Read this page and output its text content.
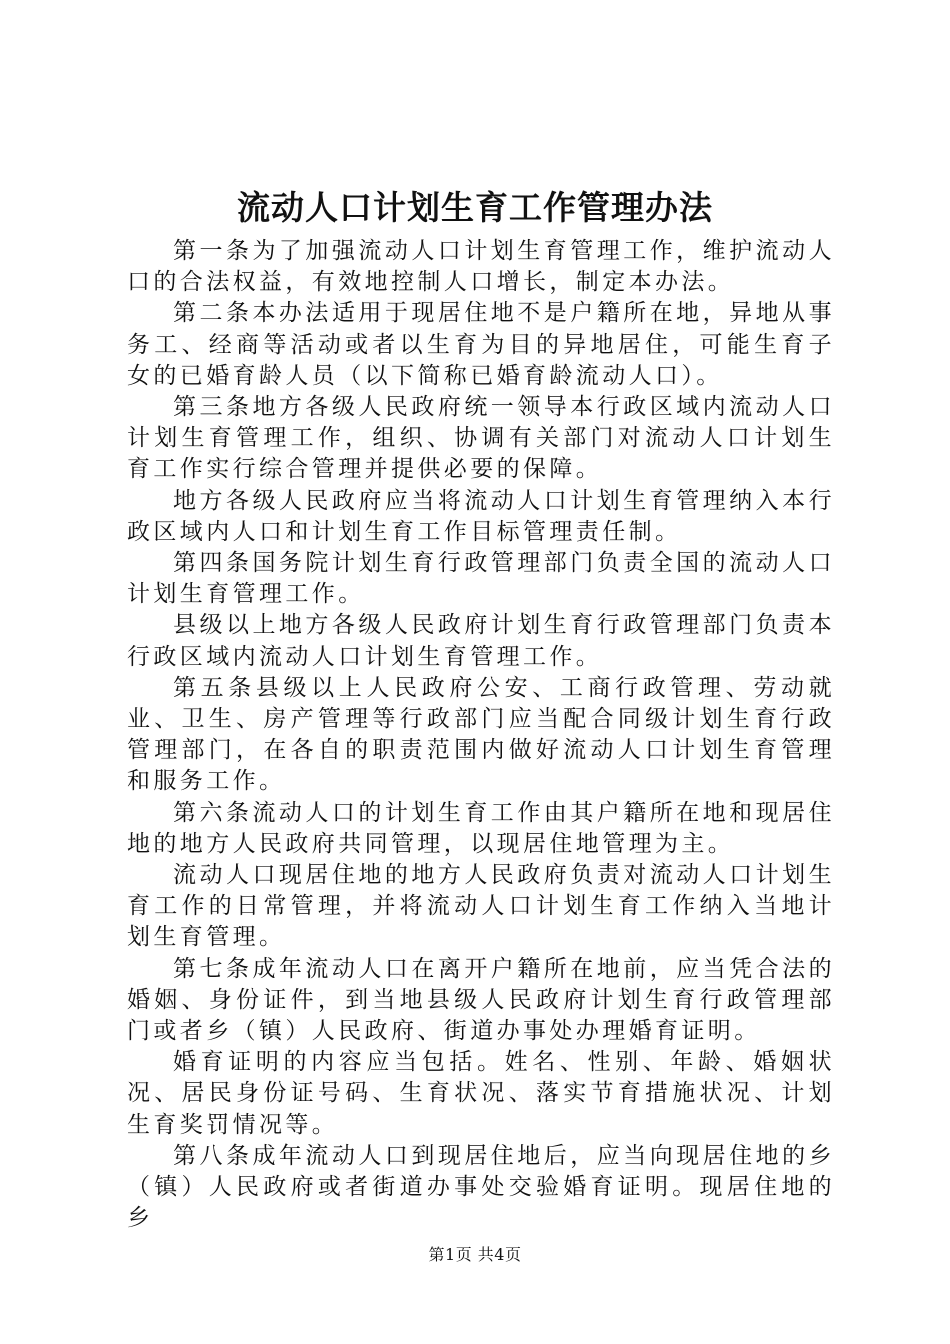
流动人口计划生育工作管理办法

第一条为了加强流动人口计划生育管理工作，维护流动人口的合法权益，有效地控制人口增长，制定本办法。

第二条本办法适用于现居住地不是户籍所在地，异地从事务工、经商等活动或者以生育为目的异地居住，可能生育子女的已婚育龄人员（以下简称已婚育龄流动人口）。

第三条地方各级人民政府统一领导本行政区域内流动人口计划生育管理工作，组织、协调有关部门对流动人口计划生育工作实行综合管理并提供必要的保障。

地方各级人民政府应当将流动人口计划生育管理纳入本行政区域内人口和计划生育工作目标管理责任制。

第四条国务院计划生育行政管理部门负责全国的流动人口计划生育管理工作。

县级以上地方各级人民政府计划生育行政管理部门负责本行政区域内流动人口计划生育管理工作。

第五条县级以上人民政府公安、工商行政管理、劳动就业、卫生、房产管理等行政部门应当配合同级计划生育行政管理部门，在各自的职责范围内做好流动人口计划生育管理和服务工作。

第六条流动人口的计划生育工作由其户籍所在地和现居住地的地方人民政府共同管理，以现居住地管理为主。

流动人口现居住地的地方人民政府负责对流动人口计划生育工作的日常管理，并将流动人口计划生育工作纳入当地计划生育管理。

第七条成年流动人口在离开户籍所在地前，应当凭合法的婚姻、身份证件，到当地县级人民政府计划生育行政管理部门或者乡（镇）人民政府、街道办事处办理婚育证明。

婚育证明的内容应当包括。姓名、性别、年龄、婚姻状况、居民身份证号码、生育状况、落实节育措施状况、计划生育奖罚情况等。

第八条成年流动人口到现居住地后，应当向现居住地的乡（镇）人民政府或者街道办事处交验婚育证明。现居住地的乡

第1页 共4页
